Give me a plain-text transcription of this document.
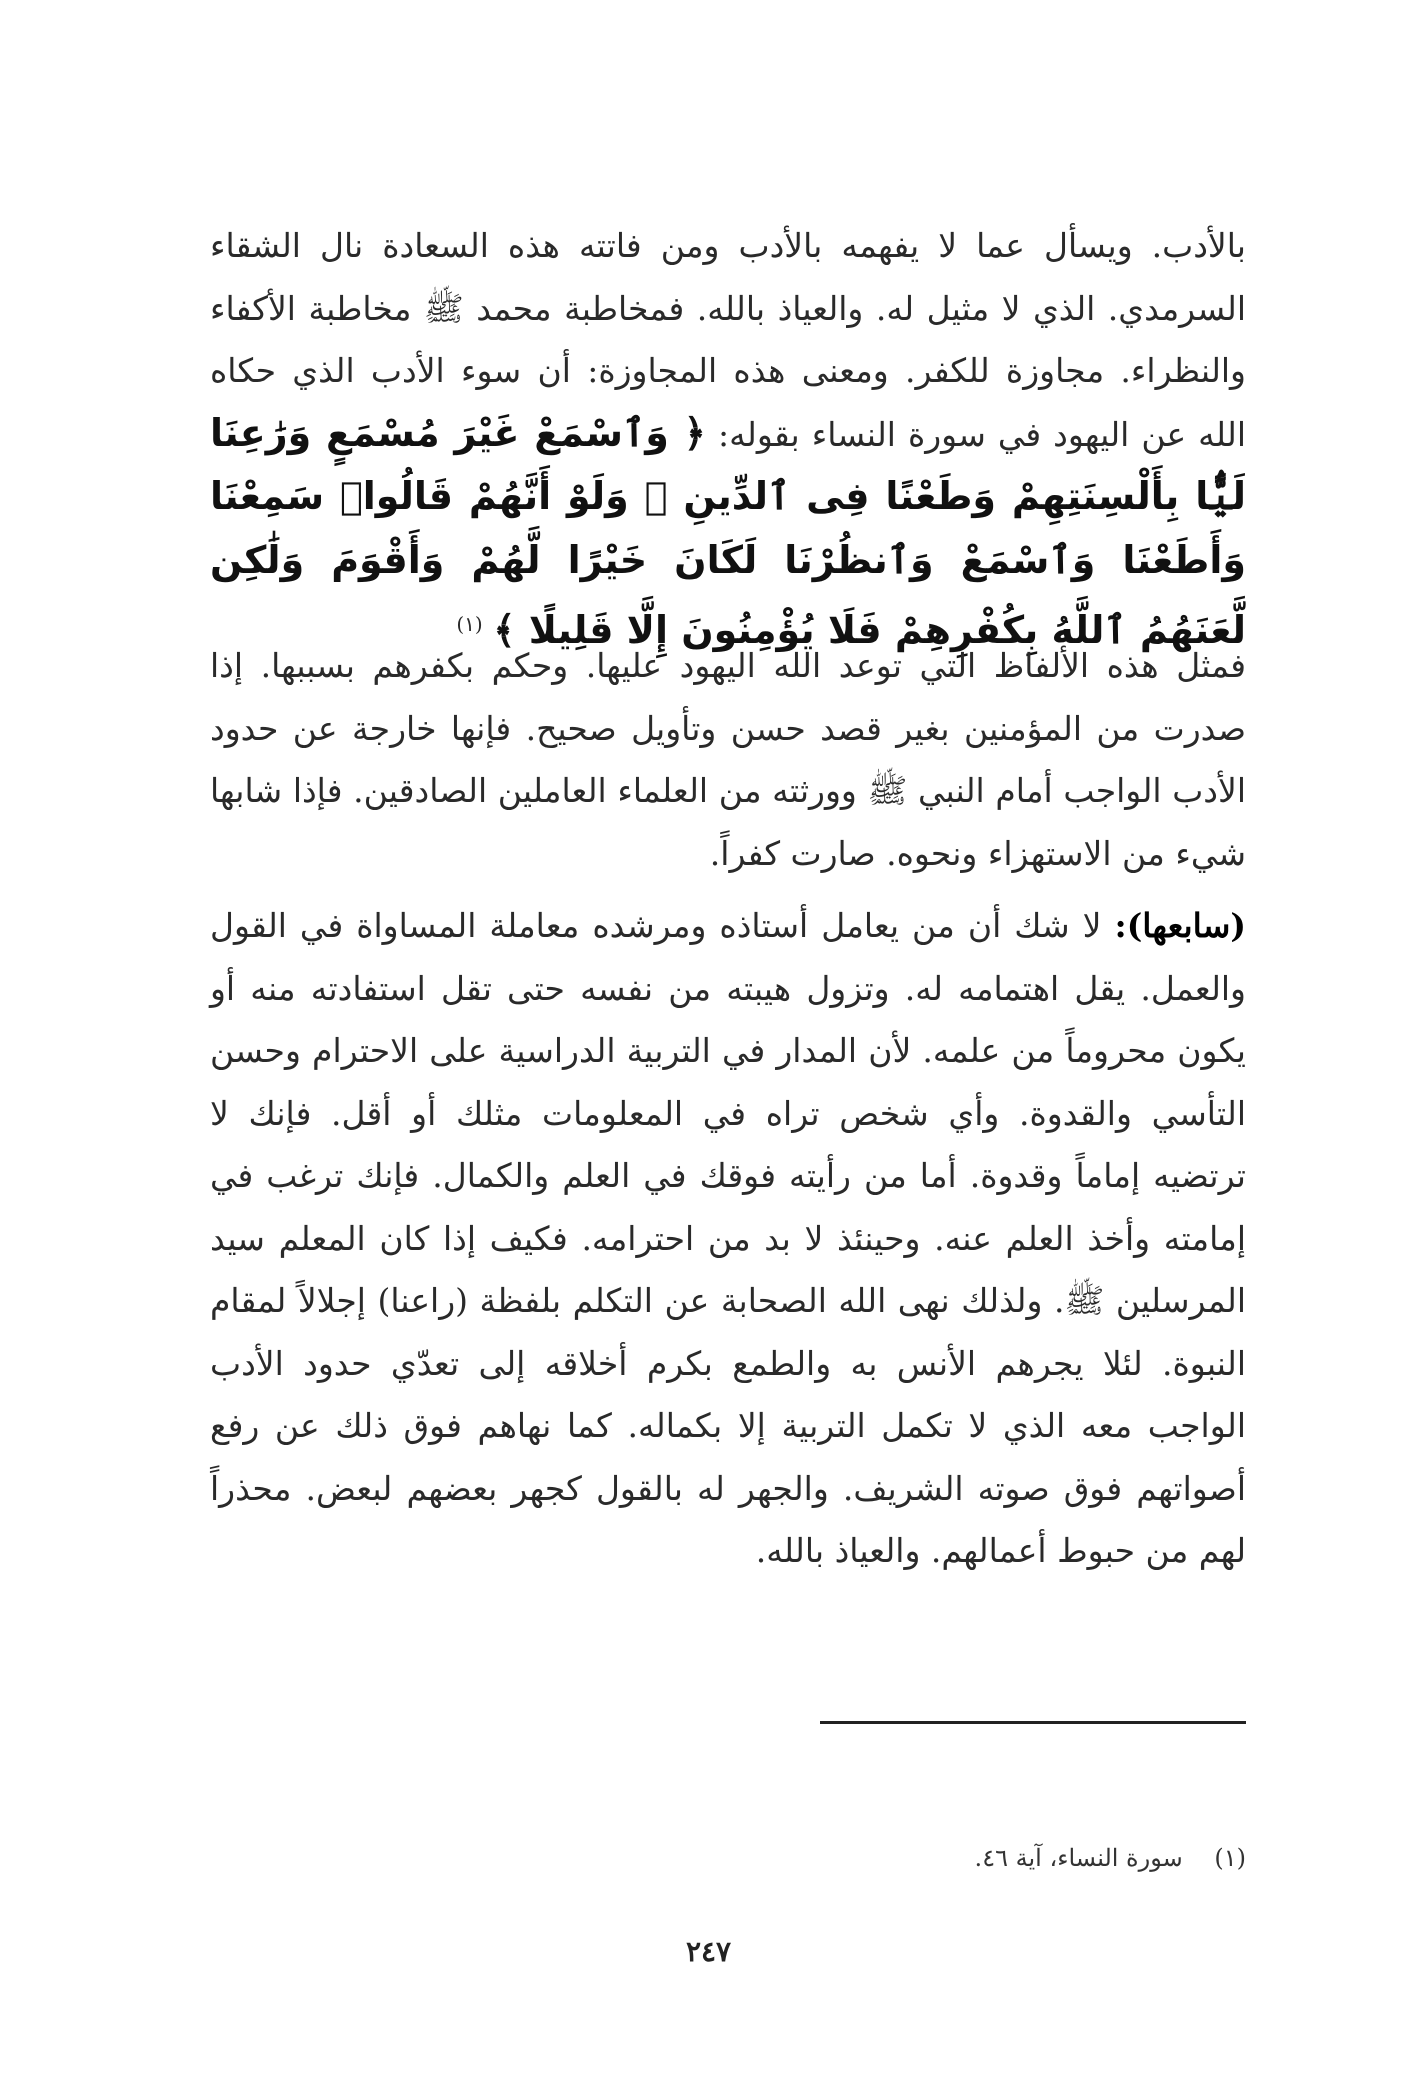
بالأدب. ويسأل عما لا يفهمه بالأدب ومن فاتته هذه السعادة نال الشقاء السرمدي. الذي لا مثيل له. والعياذ بالله. فمخاطبة محمد ﷺ مخاطبة الأكفاء والنظراء. مجاوزة للكفر. ومعنى هذه المجاوزة: أن سوء الأدب الذي حكاه الله عن اليهود في سورة النساء بقوله: ﴿ وَٱسْمَعْ غَيْرَ مُسْمَعٍ وَرَٰعِنَا لَيًّۢا بِأَلْسِنَتِهِمْ وَطَعْنًا فِى ٱلدِّينِ ۚ وَلَوْ أَنَّهُمْ قَالُوا۟ سَمِعْنَا وَأَطَعْنَا وَٱسْمَعْ وَٱنظُرْنَا لَكَانَ خَيْرًا لَّهُمْ وَأَقْوَمَ وَلَٰكِن لَّعَنَهُمُ ٱللَّهُ بِكُفْرِهِمْ فَلَا يُؤْمِنُونَ إِلَّا قَلِيلًا ﴾ $^{(١)}$

فمثل هذه الألفاظ التي توعد الله اليهود عليها. وحكم بكفرهم بسببها. إذا صدرت من المؤمنين بغير قصد حسن وتأويل صحيح. فإنها خارجة عن حدود الأدب الواجب أمام النبي ﷺ وورثته من العلماء العاملين الصادقين. فإذا شابها شيء من الاستهزاء ونحوه. صارت كفراً.

(سابعها): لا شك أن من يعامل أستاذه ومرشده معاملة المساواة في القول والعمل. يقل اهتمامه له. وتزول هيبته من نفسه حتى تقل استفادته منه أو يكون محروماً من علمه. لأن المدار في التربية الدراسية على الاحترام وحسن التأسي والقدوة. وأي شخص تراه في المعلومات مثلك أو أقل. فإنك لا ترتضيه إماماً وقدوة. أما من رأيته فوقك في العلم والكمال. فإنك ترغب في إمامته وأخذ العلم عنه. وحينئذ لا بد من احترامه. فكيف إذا كان المعلم سيد المرسلين ﷺ. ولذلك نهى الله الصحابة عن التكلم بلفظة (راعنا) إجلالاً لمقام النبوة. لئلا يجرهم الأنس به والطمع بكرم أخلاقه إلى تعدّي حدود الأدب الواجب معه الذي لا تكمل التربية إلا بكماله. كما نهاهم فوق ذلك عن رفع أصواتهم فوق صوته الشريف. والجهر له بالقول كجهر بعضهم لبعض. محذراً لهم من حبوط أعمالهم. والعياذ بالله.

(١) سورة النساء، آية ٤٦.
٢٤٧
